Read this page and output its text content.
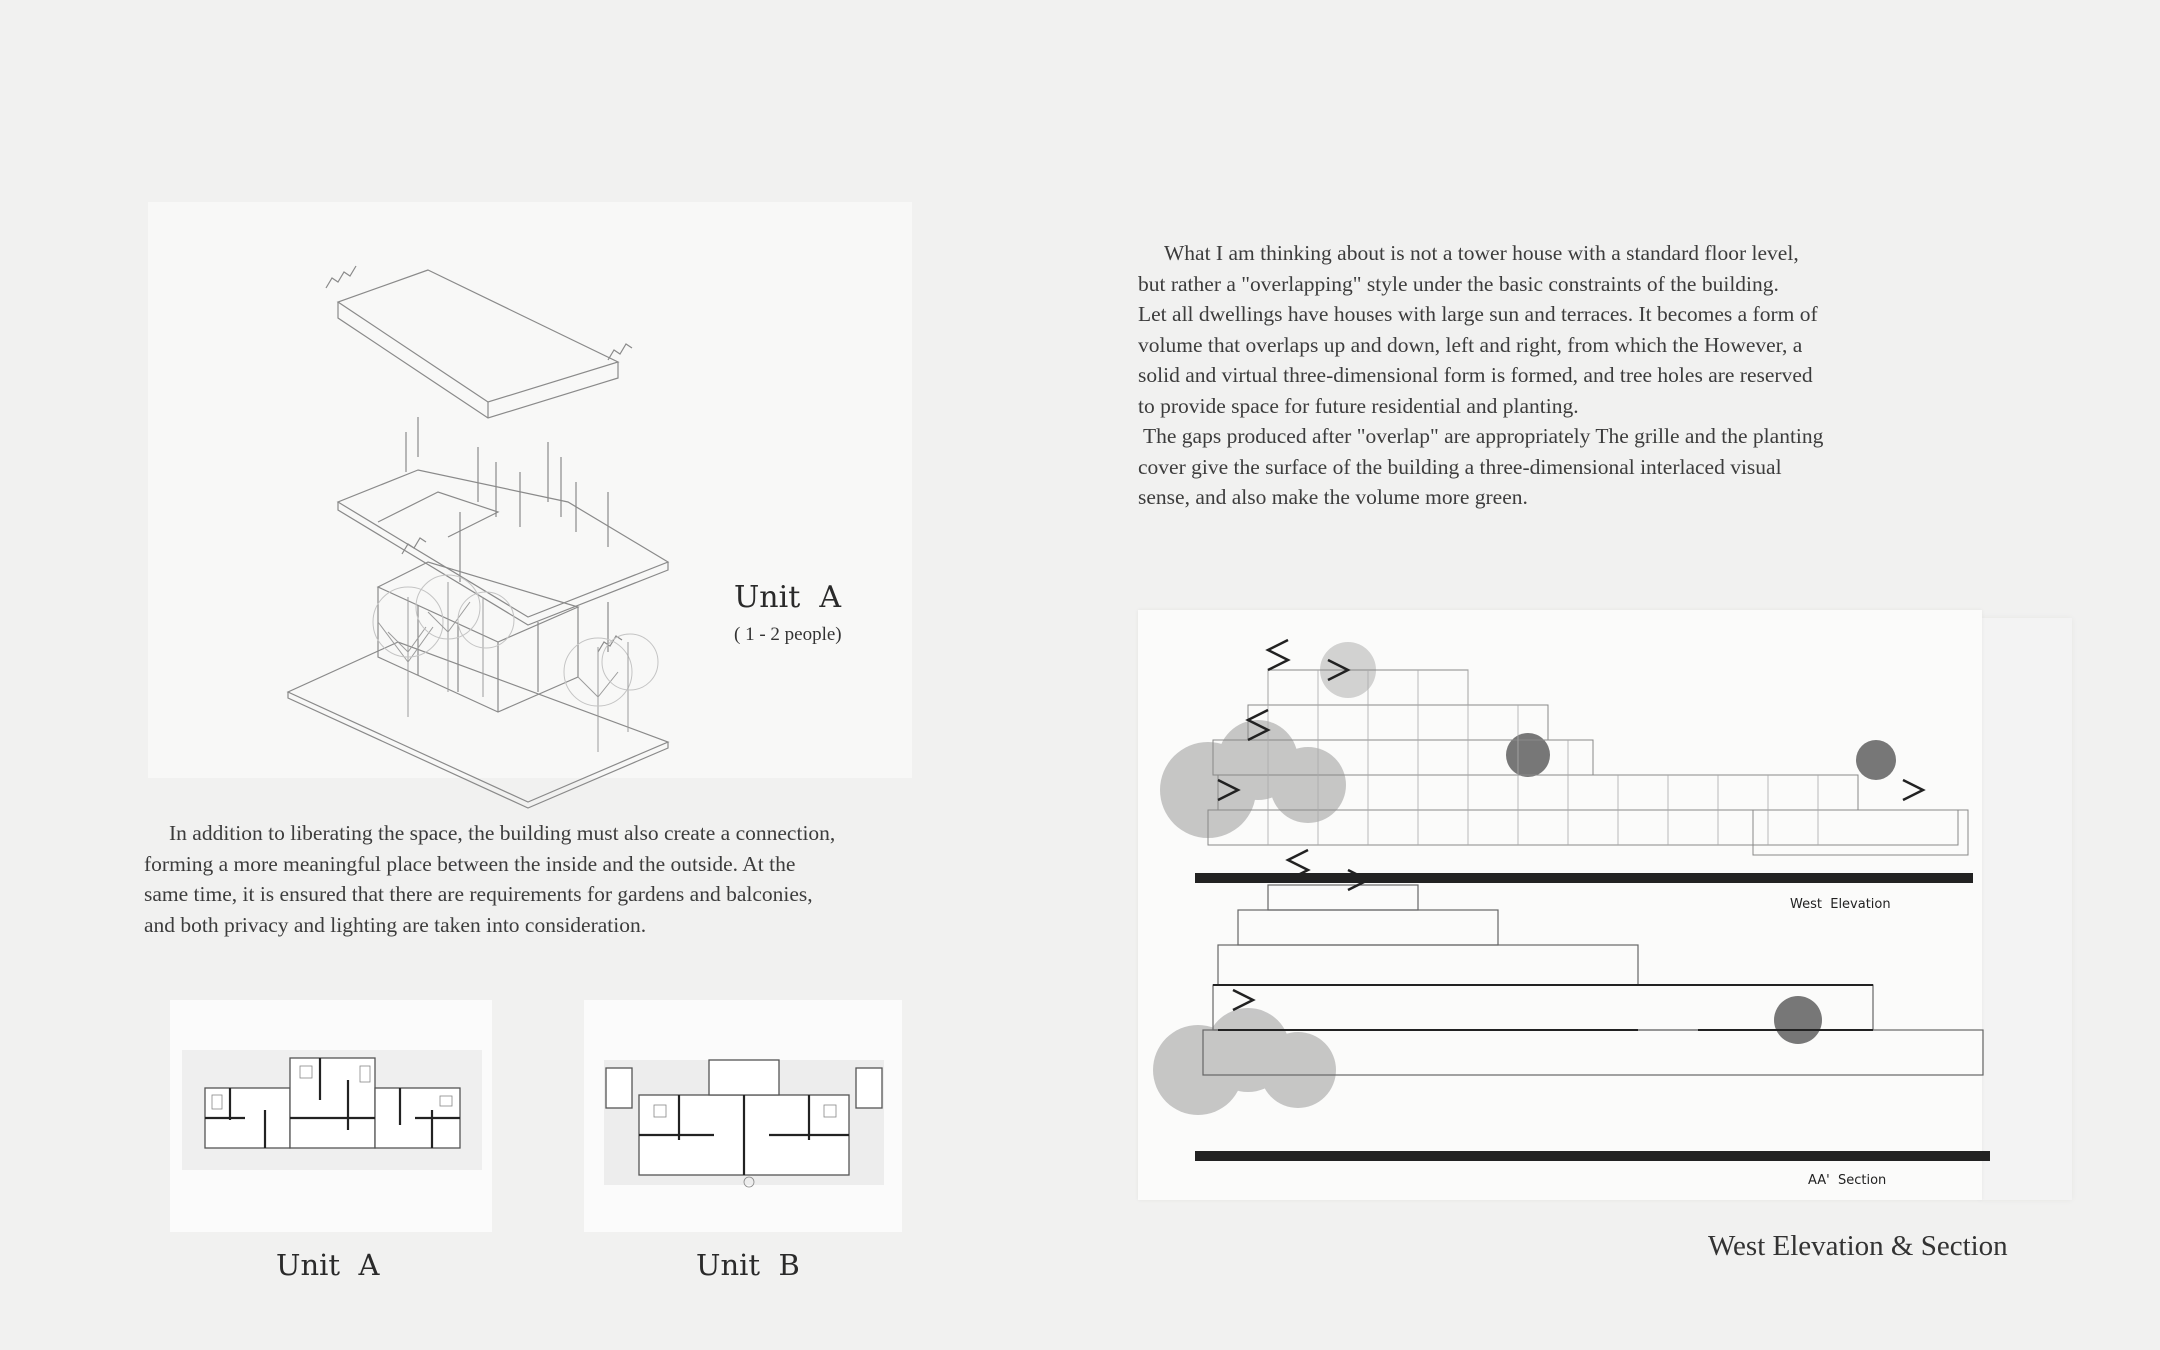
Unit  A
( 1 - 2 people)
What I am thinking about is not a tower house with a standard floor level,
but rather a "overlapping" style under the basic constraints of the building.
Let all dwellings have houses with large sun and terraces. It becomes a form of
volume that overlaps up and down, left and right, from which the However, a
solid and virtual three-dimensional form is formed, and tree holes are reserved
to provide space for future residential and planting.
The gaps produced after "overlap" are appropriately The grille and the planting
cover give the surface of the building a three-dimensional interlaced visual
sense, and also make the volume more green.
In addition to liberating the space, the building must also create a connection,
forming a more meaningful place between the inside and the outside. At the
same time, it is ensured that there are requirements for gardens and balconies,
and both privacy and lighting are taken into consideration.
Unit  A	Unit  B
West  Elevation
AA'  Section
West Elevation & Section
